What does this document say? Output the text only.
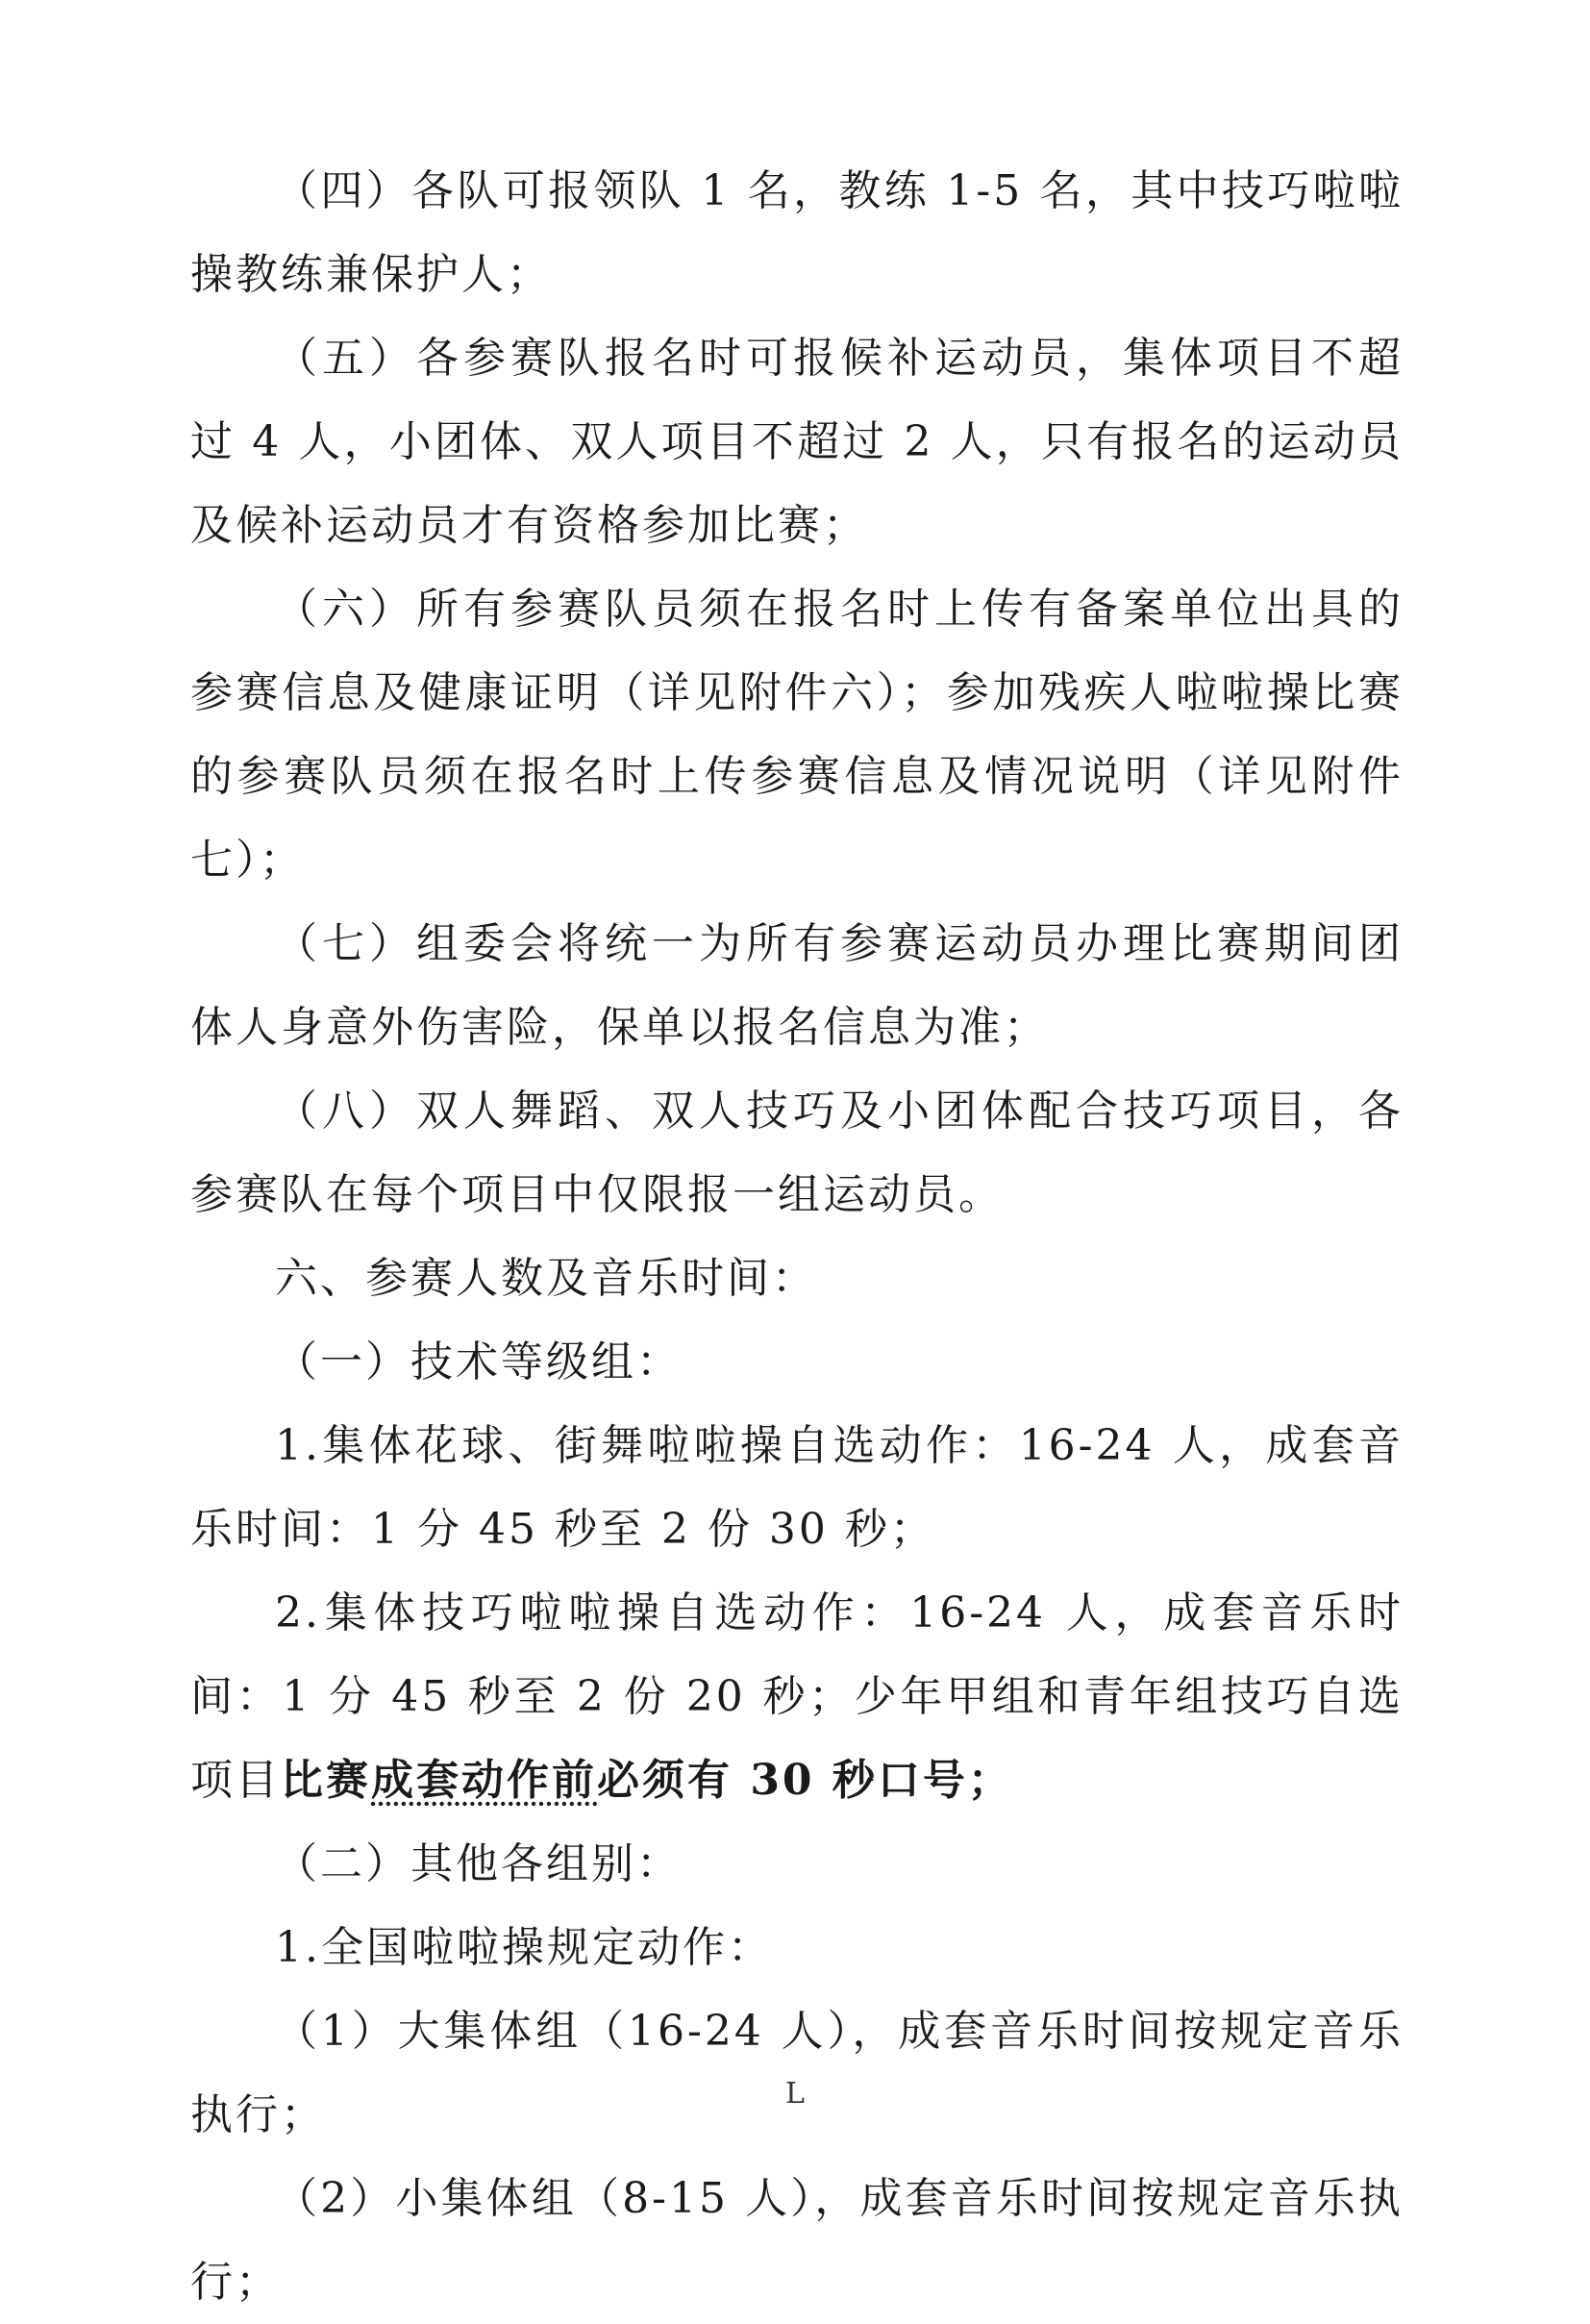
（四）各队可报领队 1 名，教练 1-5 名，其中技巧啦啦操教练兼保护人；

（五）各参赛队报名时可报候补运动员，集体项目不超过 4 人，小团体、双人项目不超过 2 人，只有报名的运动员及候补运动员才有资格参加比赛；

（六）所有参赛队员须在报名时上传有备案单位出具的参赛信息及健康证明（详见附件六）；参加残疾人啦啦操比赛的参赛队员须在报名时上传参赛信息及情况说明（详见附件七）；

（七）组委会将统一为所有参赛运动员办理比赛期间团体人身意外伤害险，保单以报名信息为准；

（八）双人舞蹈、双人技巧及小团体配合技巧项目，各参赛队在每个项目中仅限报一组运动员。

六、参赛人数及音乐时间：

（一）技术等级组：

1.集体花球、街舞啦啦操自选动作：16-24 人，成套音乐时间：1 分 45 秒至 2 份 30 秒；

2.集体技巧啦啦操自选动作：16-24 人，成套音乐时间：1 分 45 秒至 2 份 20 秒；少年甲组和青年组技巧自选项目比赛成套动作前必须有 30 秒口号；

（二）其他各组别：

1.全国啦啦操规定动作：

（1）大集体组（16-24 人），成套音乐时间按规定音乐执行；

（2）小集体组（8-15 人），成套音乐时间按规定音乐执行；

L
